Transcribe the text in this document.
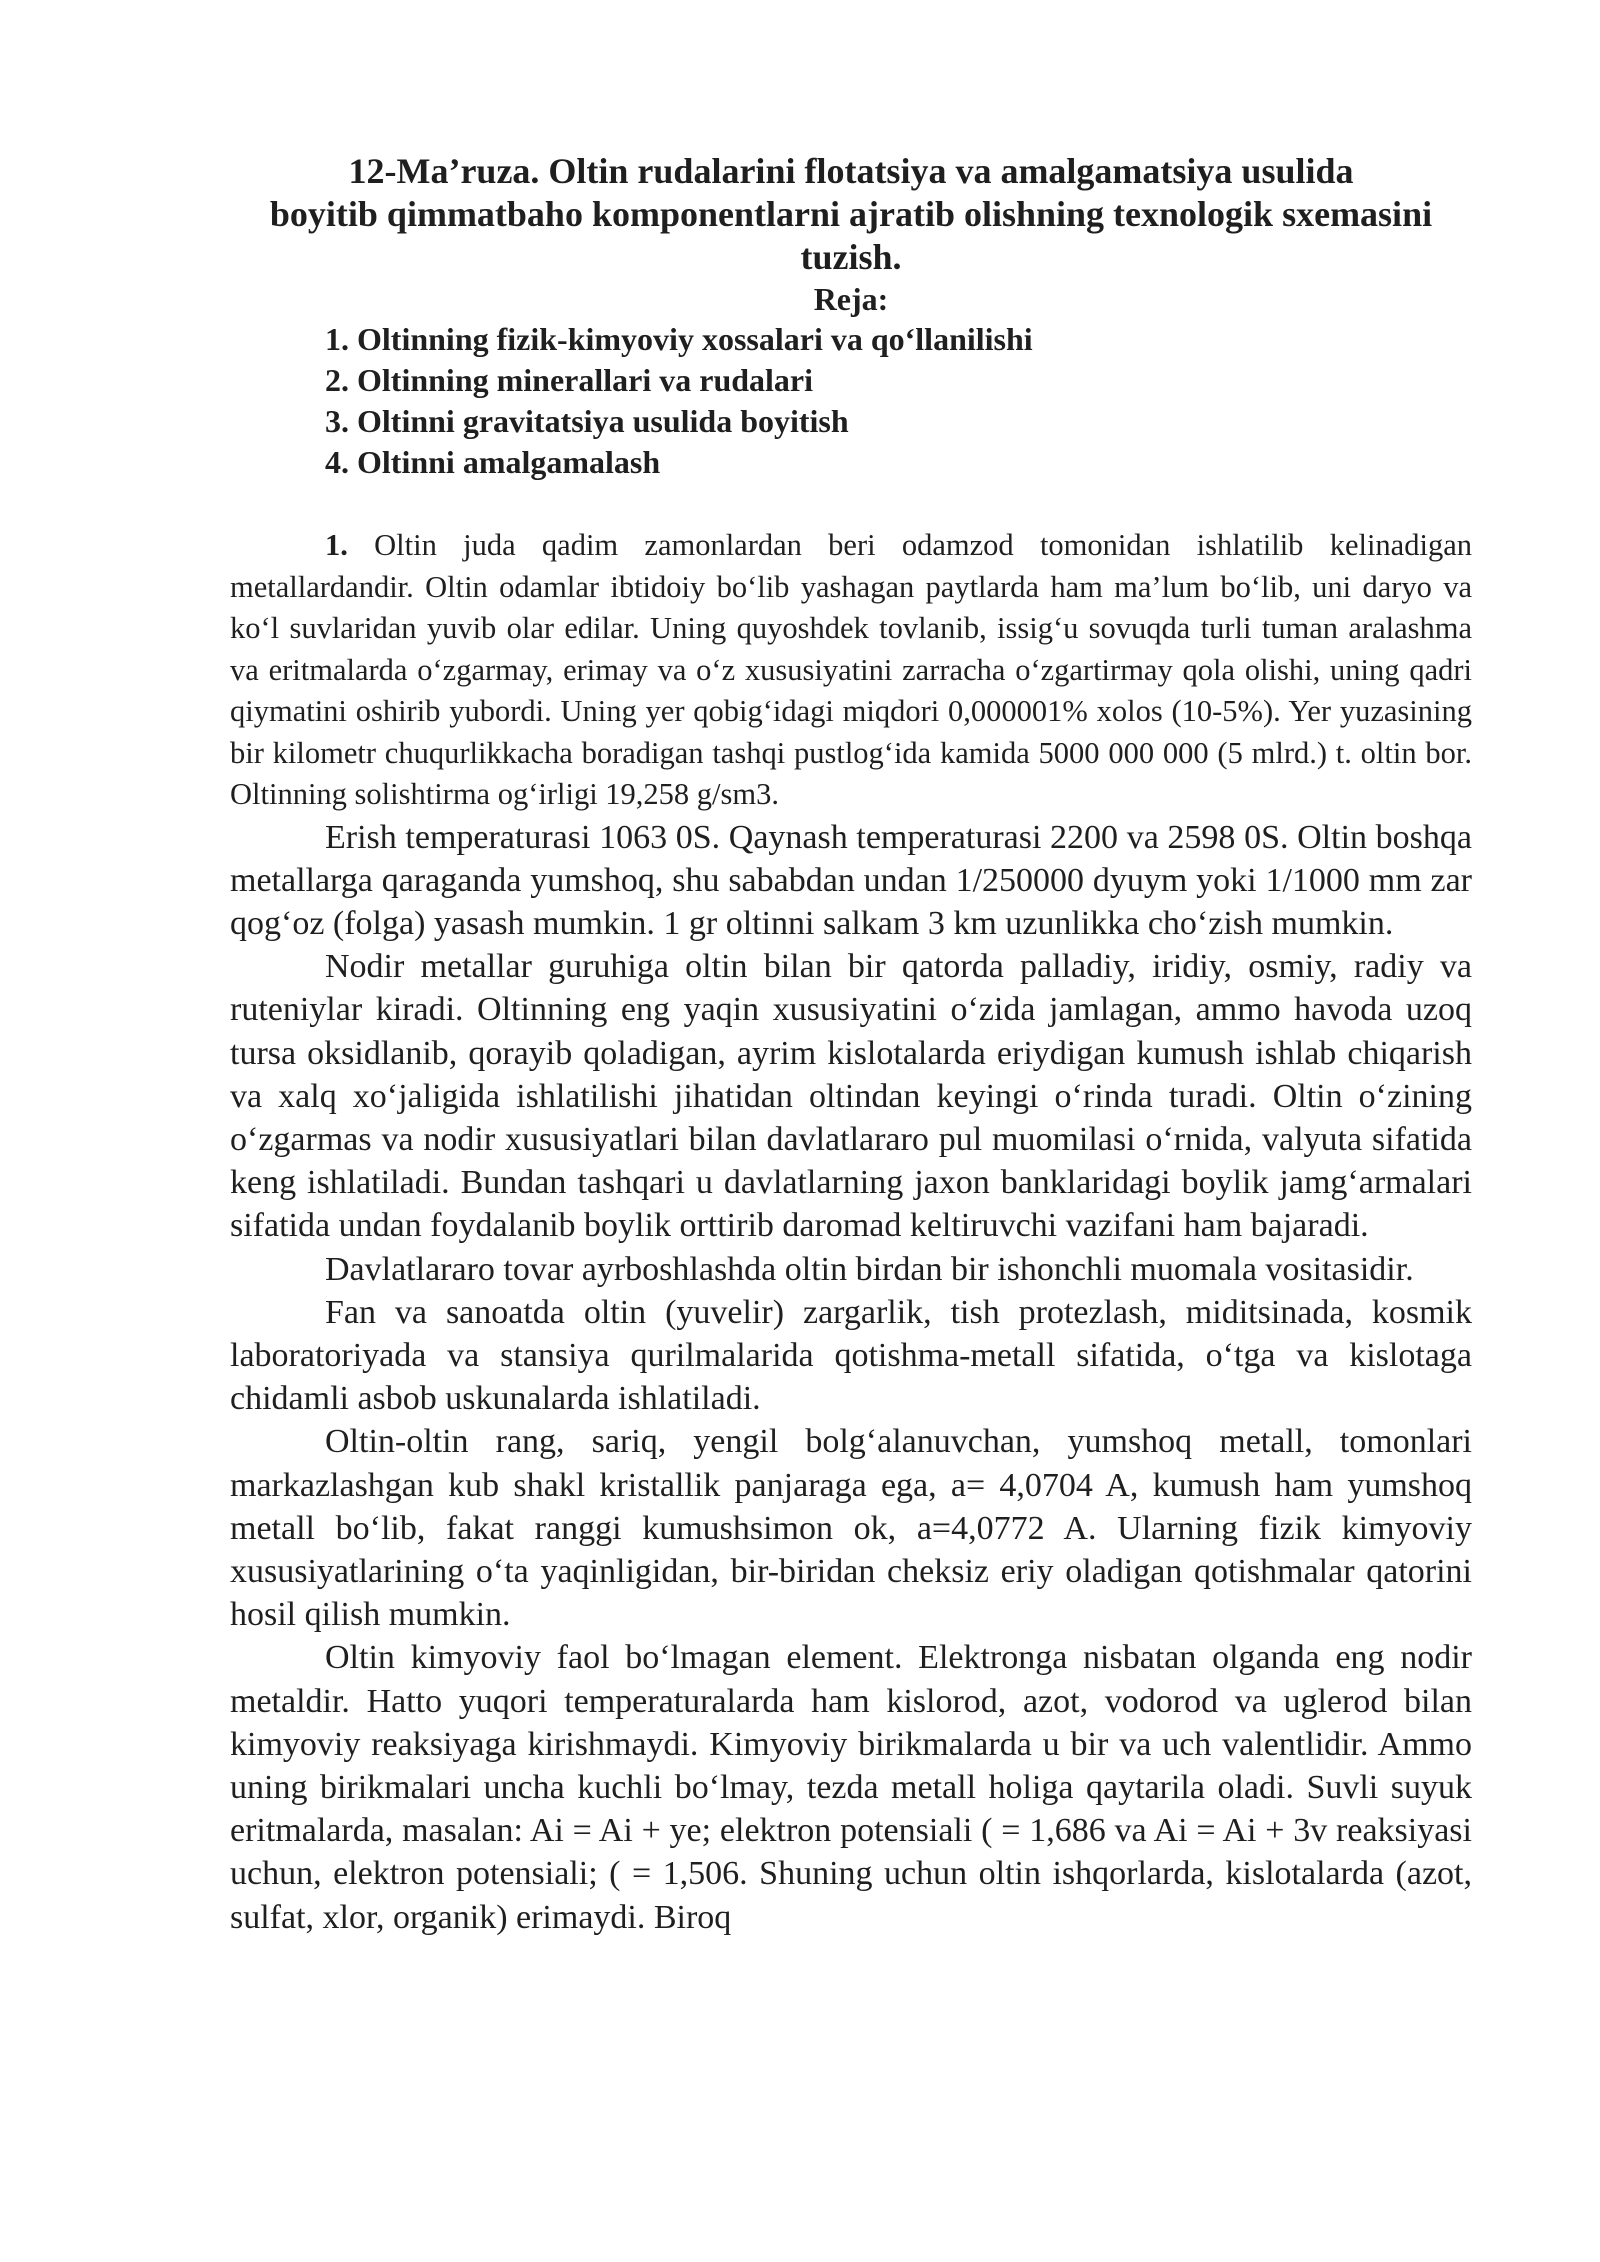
12-Ma’ruza. Oltin rudalarini flotatsiya va amalgamatsiya usulida
boyitib qimmatbaho komponentlarni ajratib olishning texnologik sxemasini tuzish.
Reja:
1. Oltinning fizik-kimyoviy xossalari va qo‘llanilishi
2. Oltinning minerallari va rudalari
3. Oltinni gravitatsiya usulida boyitish
4. Oltinni amalgamalash

1. Oltin juda qadim zamonlardan beri odamzod tomonidan ishlatilib kelinadigan metallardandir. Oltin odamlar ibtidoiy bo‘lib yashagan paytlarda ham ma’lum bo‘lib, uni daryo va ko‘l suvlaridan yuvib olar edilar. Uning quyoshdek tovlanib, issig‘u sovuqda turli tuman aralashma va eritmalarda o‘zgarmay, erimay va o‘z xususiyatini zarracha o‘zgartirmay qola olishi, uning qadri qiymatini oshirib yubordi. Uning yer qobig‘idagi miqdori 0,000001% xolos (10-5%). Yer yuzasining bir kilometr chuqurlikkacha boradigan tashqi pustlog‘ida kamida 5000 000 000 (5 mlrd.) t. oltin bor. Oltinning solishtirma og‘irligi 19,258 g/sm3.

Erish temperaturasi 1063 0S. Qaynash temperaturasi 2200 va 2598 0S. Oltin boshqa metallarga qaraganda yumshoq, shu sababdan undan 1/250000 dyuym yoki 1/1000 mm zar qog‘oz (folga) yasash mumkin. 1 gr oltinni salkam 3 km uzunlikka cho‘zish mumkin.

Nodir metallar guruhiga oltin bilan bir qatorda palladiy, iridiy, osmiy, radiy va ruteniylar kiradi. Oltinning eng yaqin xususiyatini o‘zida jamlagan, ammo havoda uzoq tursa oksidlanib, qorayib qoladigan, ayrim kislotalarda eriydigan kumush ishlab chiqarish va xalq xo‘jaligida ishlatilishi jihatidan oltindan keyingi o‘rinda turadi. Oltin o‘zining o‘zgarmas va nodir xususiyatlari bilan davlatlararo pul muomilasi o‘rnida, valyuta sifatida keng ishlatiladi. Bundan tashqari u davlatlarning jaxon banklaridagi boylik jamg‘armalari sifatida undan foydalanib boylik orttirib daromad keltiruvchi vazifani ham bajaradi.

Davlatlararo tovar ayrboshlashda oltin birdan bir ishonchli muomala vositasidir.

Fan va sanoatda oltin (yuvelir) zargarlik, tish protezlash, miditsinada, kosmik laboratoriyada va stansiya qurilmalarida qotishma-metall sifatida, o‘tga va kislotaga chidamli asbob uskunalarda ishlatiladi.

Oltin-oltin rang, sariq, yengil bolg‘alanuvchan, yumshoq metall, tomonlari markazlashgan kub shakl kristallik panjaraga ega, a= 4,0704 A, kumush ham yumshoq metall bo‘lib, fakat ranggi kumushsimon ok, a=4,0772 A. Ularning fizik kimyoviy xususiyatlarining o‘ta yaqinligidan, bir-biridan cheksiz eriy oladigan qotishmalar qatorini hosil qilish mumkin.

Oltin kimyoviy faol bo‘lmagan element. Elektronga nisbatan olganda eng nodir metaldir. Hatto yuqori temperaturalarda ham kislorod, azot, vodorod va uglerod bilan kimyoviy reaksiyaga kirishmaydi. Kimyoviy birikmalarda u bir va uch valentlidir. Ammo uning birikmalari uncha kuchli bo‘lmay, tezda metall holiga qaytarila oladi. Suvli suyuk eritmalarda, masalan: Ai = Ai + ye; elektron potensiali ( = 1,686 va Ai = Ai + 3v reaksiyasi uchun, elektron potensiali; ( = 1,506. Shuning uchun oltin ishqorlarda, kislotalarda (azot, sulfat, xlor, organik) erimaydi. Biroq
